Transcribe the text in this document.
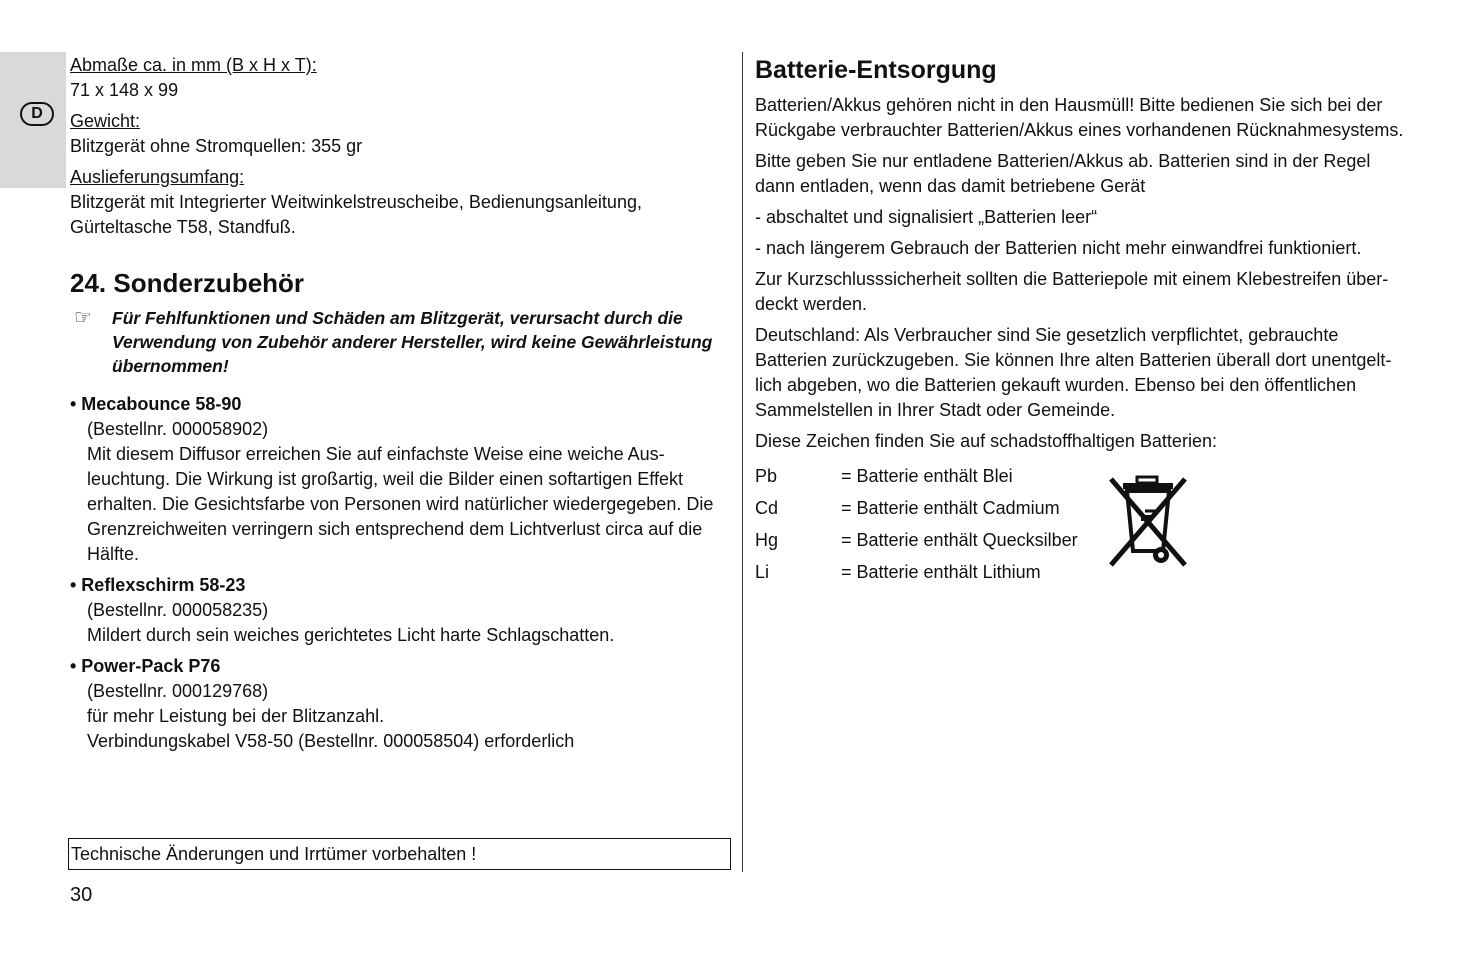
D

Abmaße ca. in mm (B x H x T):

71 x 148 x 99

Gewicht:

Blitzgerät ohne Stromquellen: 355 gr

Auslieferungsumfang:

Blitzgerät mit Integrierter Weitwinkelstreuscheibe, Bedienungsanleitung,

Gürteltasche T58, Standfuß.

24. Sonderzubehör
☞ Für Fehlfunktionen und Schäden am Blitzgerät, verursacht durch die
Verwendung von Zubehör anderer Hersteller, wird keine Gewährleistung
übernommen!
• Mecabounce 58-90
(Bestellnr. 000058902)
Mit diesem Diffusor erreichen Sie auf einfachste Weise eine weiche Aus-
leuchtung. Die Wirkung ist großartig, weil die Bilder einen softartigen Effekt
erhalten. Die Gesichtsfarbe von Personen wird natürlicher wiedergegeben. Die
Grenzreichweiten verringern sich entsprechend dem Lichtverlust circa auf die
Hälfte.
• Reflexschirm 58-23
(Bestellnr. 000058235)
Mildert durch sein weiches gerichtetes Licht harte Schlagschatten.
• Power-Pack P76
(Bestellnr. 000129768)
für mehr Leistung bei der Blitzanzahl.
Verbindungskabel V58-50 (Bestellnr. 000058504) erforderlich
Batterie-Entsorgung
Batterien/Akkus gehören nicht in den Hausmüll! Bitte bedienen Sie sich bei der
Rückgabe verbrauchter Batterien/Akkus eines vorhandenen Rücknahmesystems.
Bitte geben Sie nur entladene Batterien/Akkus ab. Batterien sind in der Regel
dann entladen, wenn das damit betriebene Gerät
- abschaltet und signalisiert „Batterien leer“
- nach längerem Gebrauch der Batterien nicht mehr einwandfrei funktioniert.
Zur Kurzschlusssicherheit sollten die Batteriepole mit einem Klebestreifen über-
deckt werden.
Deutschland: Als Verbraucher sind Sie gesetzlich verpflichtet, gebrauchte
Batterien zurückzugeben. Sie können Ihre alten Batterien überall dort unentgelt-
lich abgeben, wo die Batterien gekauft wurden. Ebenso bei den öffentlichen
Sammelstellen in Ihrer Stadt oder Gemeinde.
Diese Zeichen finden Sie auf schadstoffhaltigen Batterien:
Pb	= Batterie enthält Blei
Cd	= Batterie enthält Cadmium
Hg	= Batterie enthält Quecksilber
Li	= Batterie enthält Lithium
Technische Änderungen und Irrtümer vorbehalten !
30
